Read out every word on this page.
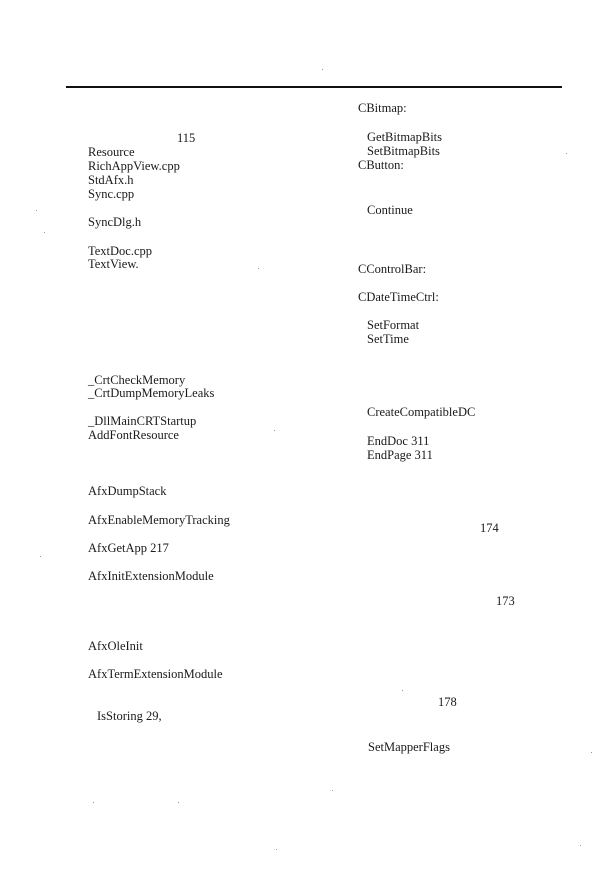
115
Resource
RichAppView.cpp
StdAfx.h
Sync.cpp
SyncDlg.h
TextDoc.cpp
TextView.
_CrtCheckMemory
_CrtDumpMemoryLeaks
_DllMainCRTStartup
AddFontResource
AfxDumpStack
AfxEnableMemoryTracking
AfxGetApp 217
AfxInitExtensionModule
AfxOleInit
AfxTermExtensionModule
IsStoring 29,
CBitmap:
GetBitmapBits
SetBitmapBits
CButton:
Continue
CControlBar:
CDateTimeCtrl:
SetFormat
SetTime
CreateCompatibleDC
EndDoc 311
EndPage 311
174
173
178
SetMapperFlags
